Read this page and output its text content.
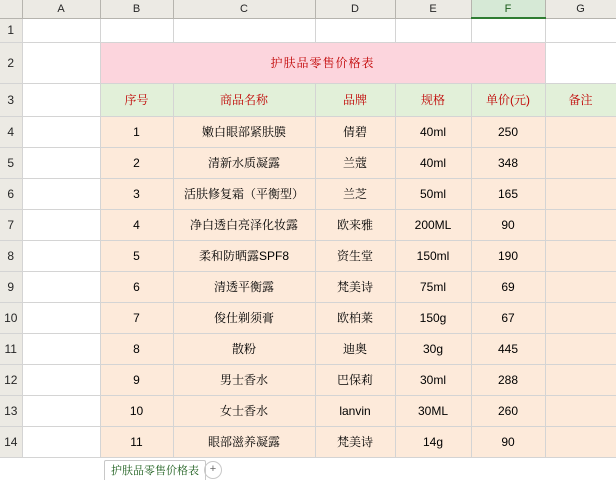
	A	B	C	D	E	F	G
1							
2		护肤品零售价格表					
3		序号	商品名称	品牌	规格	单价(元)	备注
4		1	嫩白眼部紧肤膜	倩碧	40ml	250	
5		2	清新水质凝露	兰蔻	40ml	348	
6		3	活肤修复霜（平衡型）	兰芝	50ml	165	
7		4	净白透白亮泽化妆露	欧来雅	200ML	90	
8		5	柔和防晒露SPF8	资生堂	150ml	190	
9		6	清透平衡露	梵美诗	75ml	69	
10		7	俊仕剃须膏	欧柏莱	150g	67	
11		8	散粉	迪奥	30g	445	
12		9	男士香水	巴保莉	30ml	288	
13		10	女士香水	lanvin	30ML	260	
14		11	眼部滋养凝露	梵美诗	14g	90	
护肤品零售价格表 +
